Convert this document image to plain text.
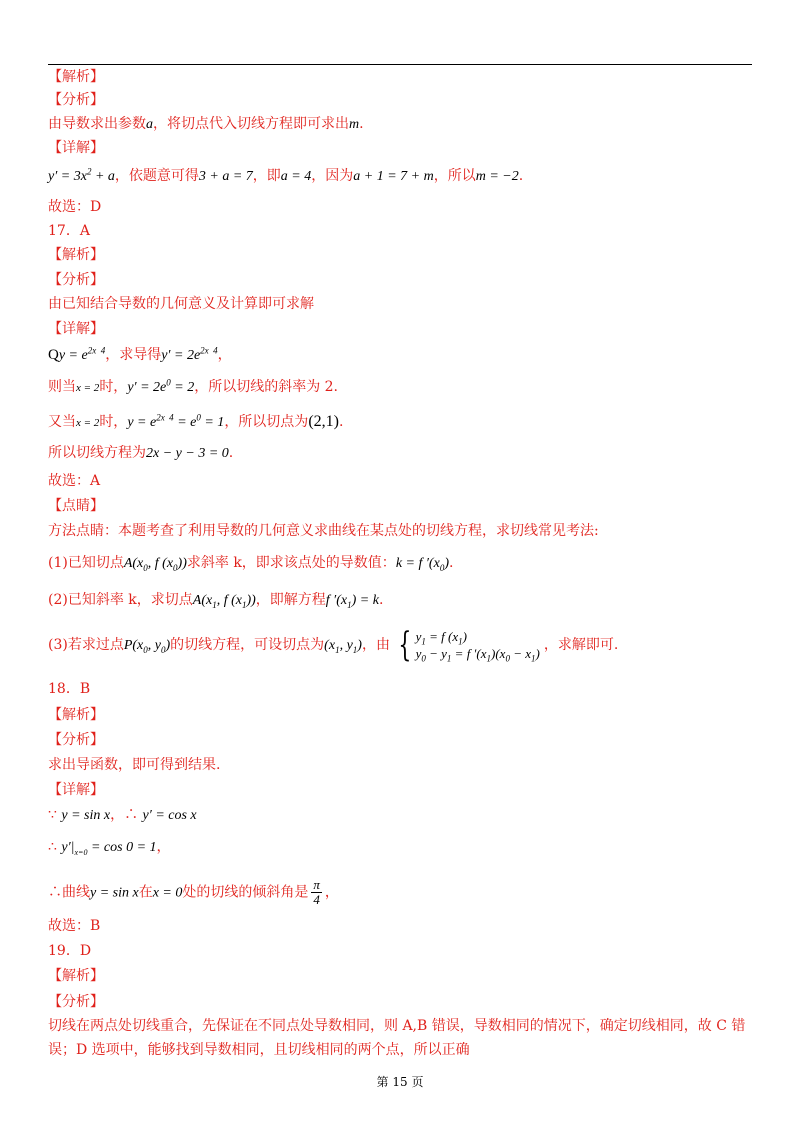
【解析】
【分析】
由导数求出参数a，将切点代入切线方程即可求出m.
【详解】
$y' = 3x^2 + a$，依题意可得3 + a = 7，即a = 4，因为a + 1 = 7 + m，所以m = −2.
故选：D
17．A
【解析】
【分析】
由已知结合导数的几何意义及计算即可求解
【详解】
$Qy = e^{2x 4}$，求导得$y' = 2e^{2x 4}$，
则当x = 2时，$y' = 2e^0 = 2$，所以切线的斜率为 2.
又当x = 2时，$y = e^{2x 4} = e^0 = 1$，所以切点为(2,1).
所以切线方程为2x − y − 3 = 0.
故选：A
【点睛】
方法点睛：本题考查了利用导数的几何意义求曲线在某点处的切线方程，求切线常见考法:
(1)已知切点$A(x_0$, f $(x_0)$)求斜率 k，即求该点处的导数值：k = f $'(x_0)$.
(2)已知斜率 k，求切点$A(x_1$, f $(x_1)$)，即解方程f $'(x_1) = k$.
(3)若求过点$P(x_0$, $y_0$)的切线方程，可设切点为($x_1$, $y_1$)，由 { $y_1 = f$ $(x_1)$
$y_0 - y_1 = f$ $'(x_1)(x_0 - x_1)$
，求解即可.
18．B
【解析】
【分析】
求出导函数，即可得到结果.
【详解】
∵ y = sin x，∴ y′ = cos x
∴ $y'|_{x=0} = \cos 0 = 1$，
∴曲线y = sin x在x = 0处的切线的倾斜角是 $\frac{\pi}{4}$ ，
故选：B
19．D
【解析】
【分析】
切线在两点处切线重合，先保证在不同点处导数相同，则 A,B 错误，导数相同的情况下，确定切线相同，故 C 错
误；D 选项中，能够找到导数相同，且切线相同的两个点，所以正确
第 15 页
